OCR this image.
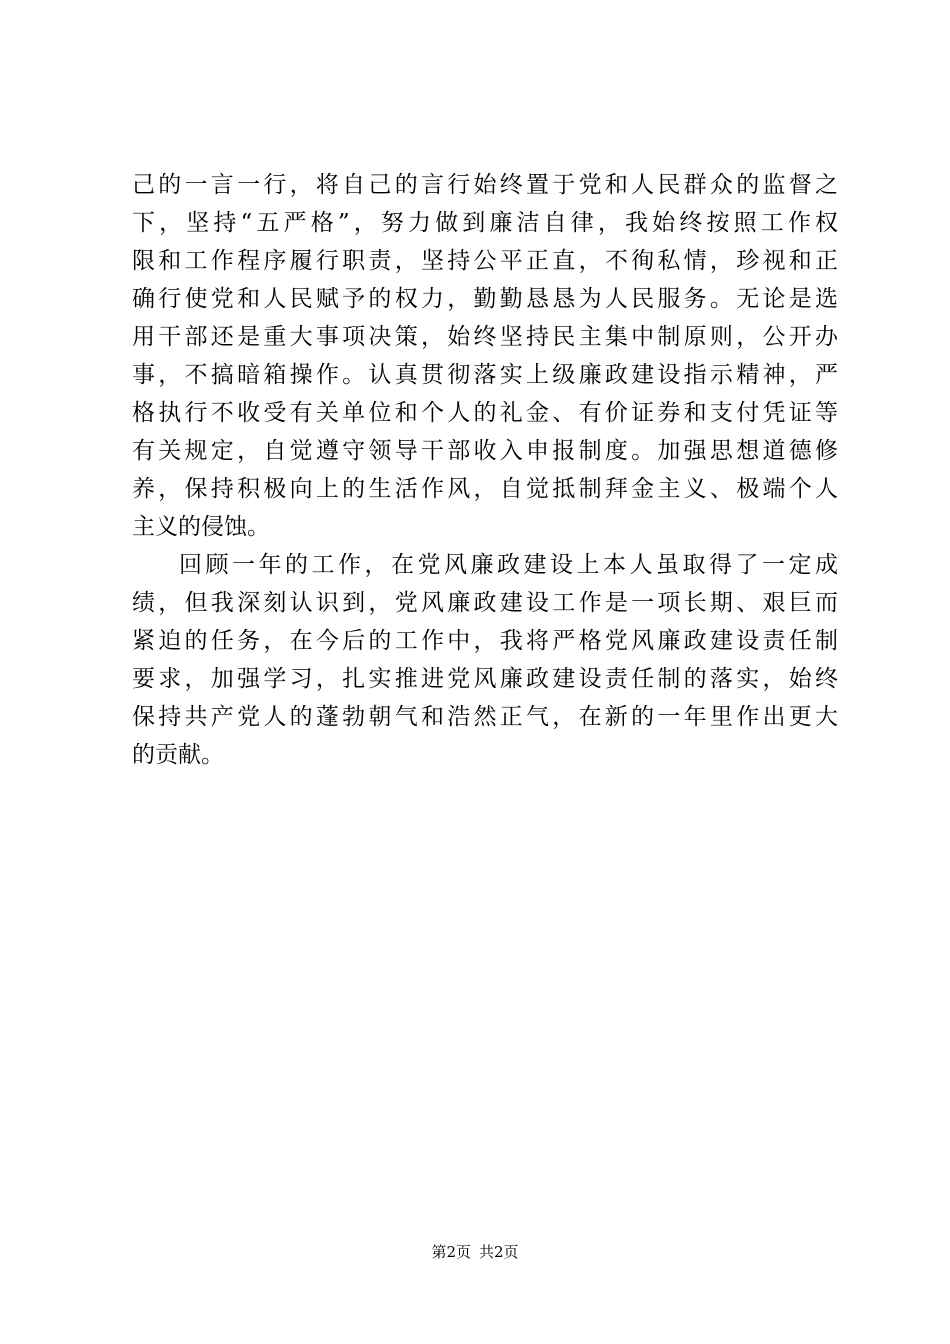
己的一言一行，将自己的言行始终置于党和人民群众的监督之
下，坚持“五严格”，努力做到廉洁自律，我始终按照工作权
限和工作程序履行职责，坚持公平正直，不徇私情，珍视和正
确行使党和人民赋予的权力，勤勤恳恳为人民服务。无论是选
用干部还是重大事项决策，始终坚持民主集中制原则，公开办
事，不搞暗箱操作。认真贯彻落实上级廉政建设指示精神，严
格执行不收受有关单位和个人的礼金、有价证券和支付凭证等
有关规定，自觉遵守领导干部收入申报制度。加强思想道德修
养，保持积极向上的生活作风，自觉抵制拜金主义、极端个人
主义的侵蚀。
回顾一年的工作，在党风廉政建设上本人虽取得了一定成
绩，但我深刻认识到，党风廉政建设工作是一项长期、艰巨而
紧迫的任务，在今后的工作中，我将严格党风廉政建设责任制
要求，加强学习，扎实推进党风廉政建设责任制的落实，始终
保持共产党人的蓬勃朝气和浩然正气，在新的一年里作出更大
的贡献。
第2页 共2页
